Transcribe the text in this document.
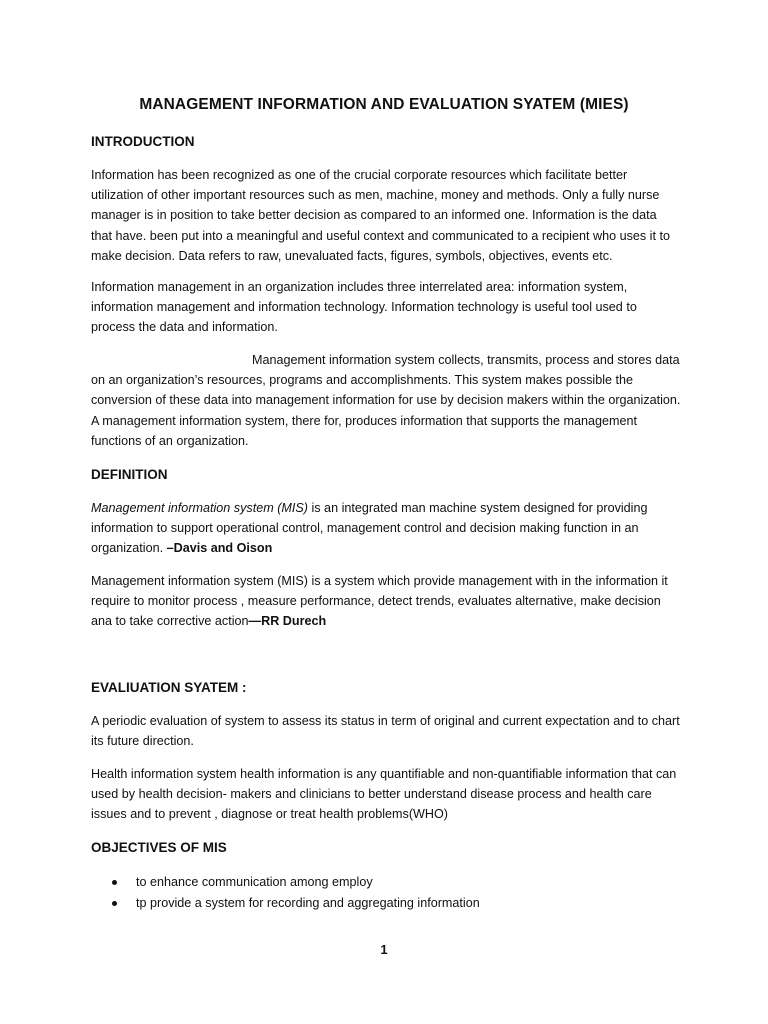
MANAGEMENT INFORMATION AND EVALUATION SYATEM (MIES)
INTRODUCTION

Information has been recognized as one of the crucial corporate resources which facilitate better utilization of other important resources such as men, machine, money and methods. Only a fully nurse manager is in position to take better decision as compared to an informed one. Information is the data that have. been put into a meaningful and useful context and communicated to a recipient who uses it to make decision. Data refers to raw, unevaluated facts, figures, symbols, objectives, events etc.

Information management in an organization includes three interrelated area: information system, information management and information technology. Information technology is useful tool used to process the data and information.

Management information system collects, transmits, process and stores data on an organization’s resources, programs and accomplishments. This system makes possible the conversion of these data into management information for use by decision makers within the organization. A management information system, there for, produces information that supports the management functions of an organization.

DEFINITION

Management information system (MIS) is an integrated man machine system designed for providing information to support operational control, management control and decision making function in an organization. –Davis and Oison

Management information system (MIS) is a system which provide management with in the information it require to monitor process , measure performance, detect trends, evaluates alternative, make decision ana to take corrective action—RR Durech

EVALIUATION SYATEM :

A periodic evaluation of system to assess its status in term of original and current expectation and to chart its future direction.

Health information system health information is any quantifiable and non-quantifiable information that can used by health decision- makers and clinicians to better understand disease process and health care issues and to prevent , diagnose or treat health problems(WHO)

OBJECTIVES OF MIS
to enhance communication among employ
tp provide a system for recording and aggregating information
1
